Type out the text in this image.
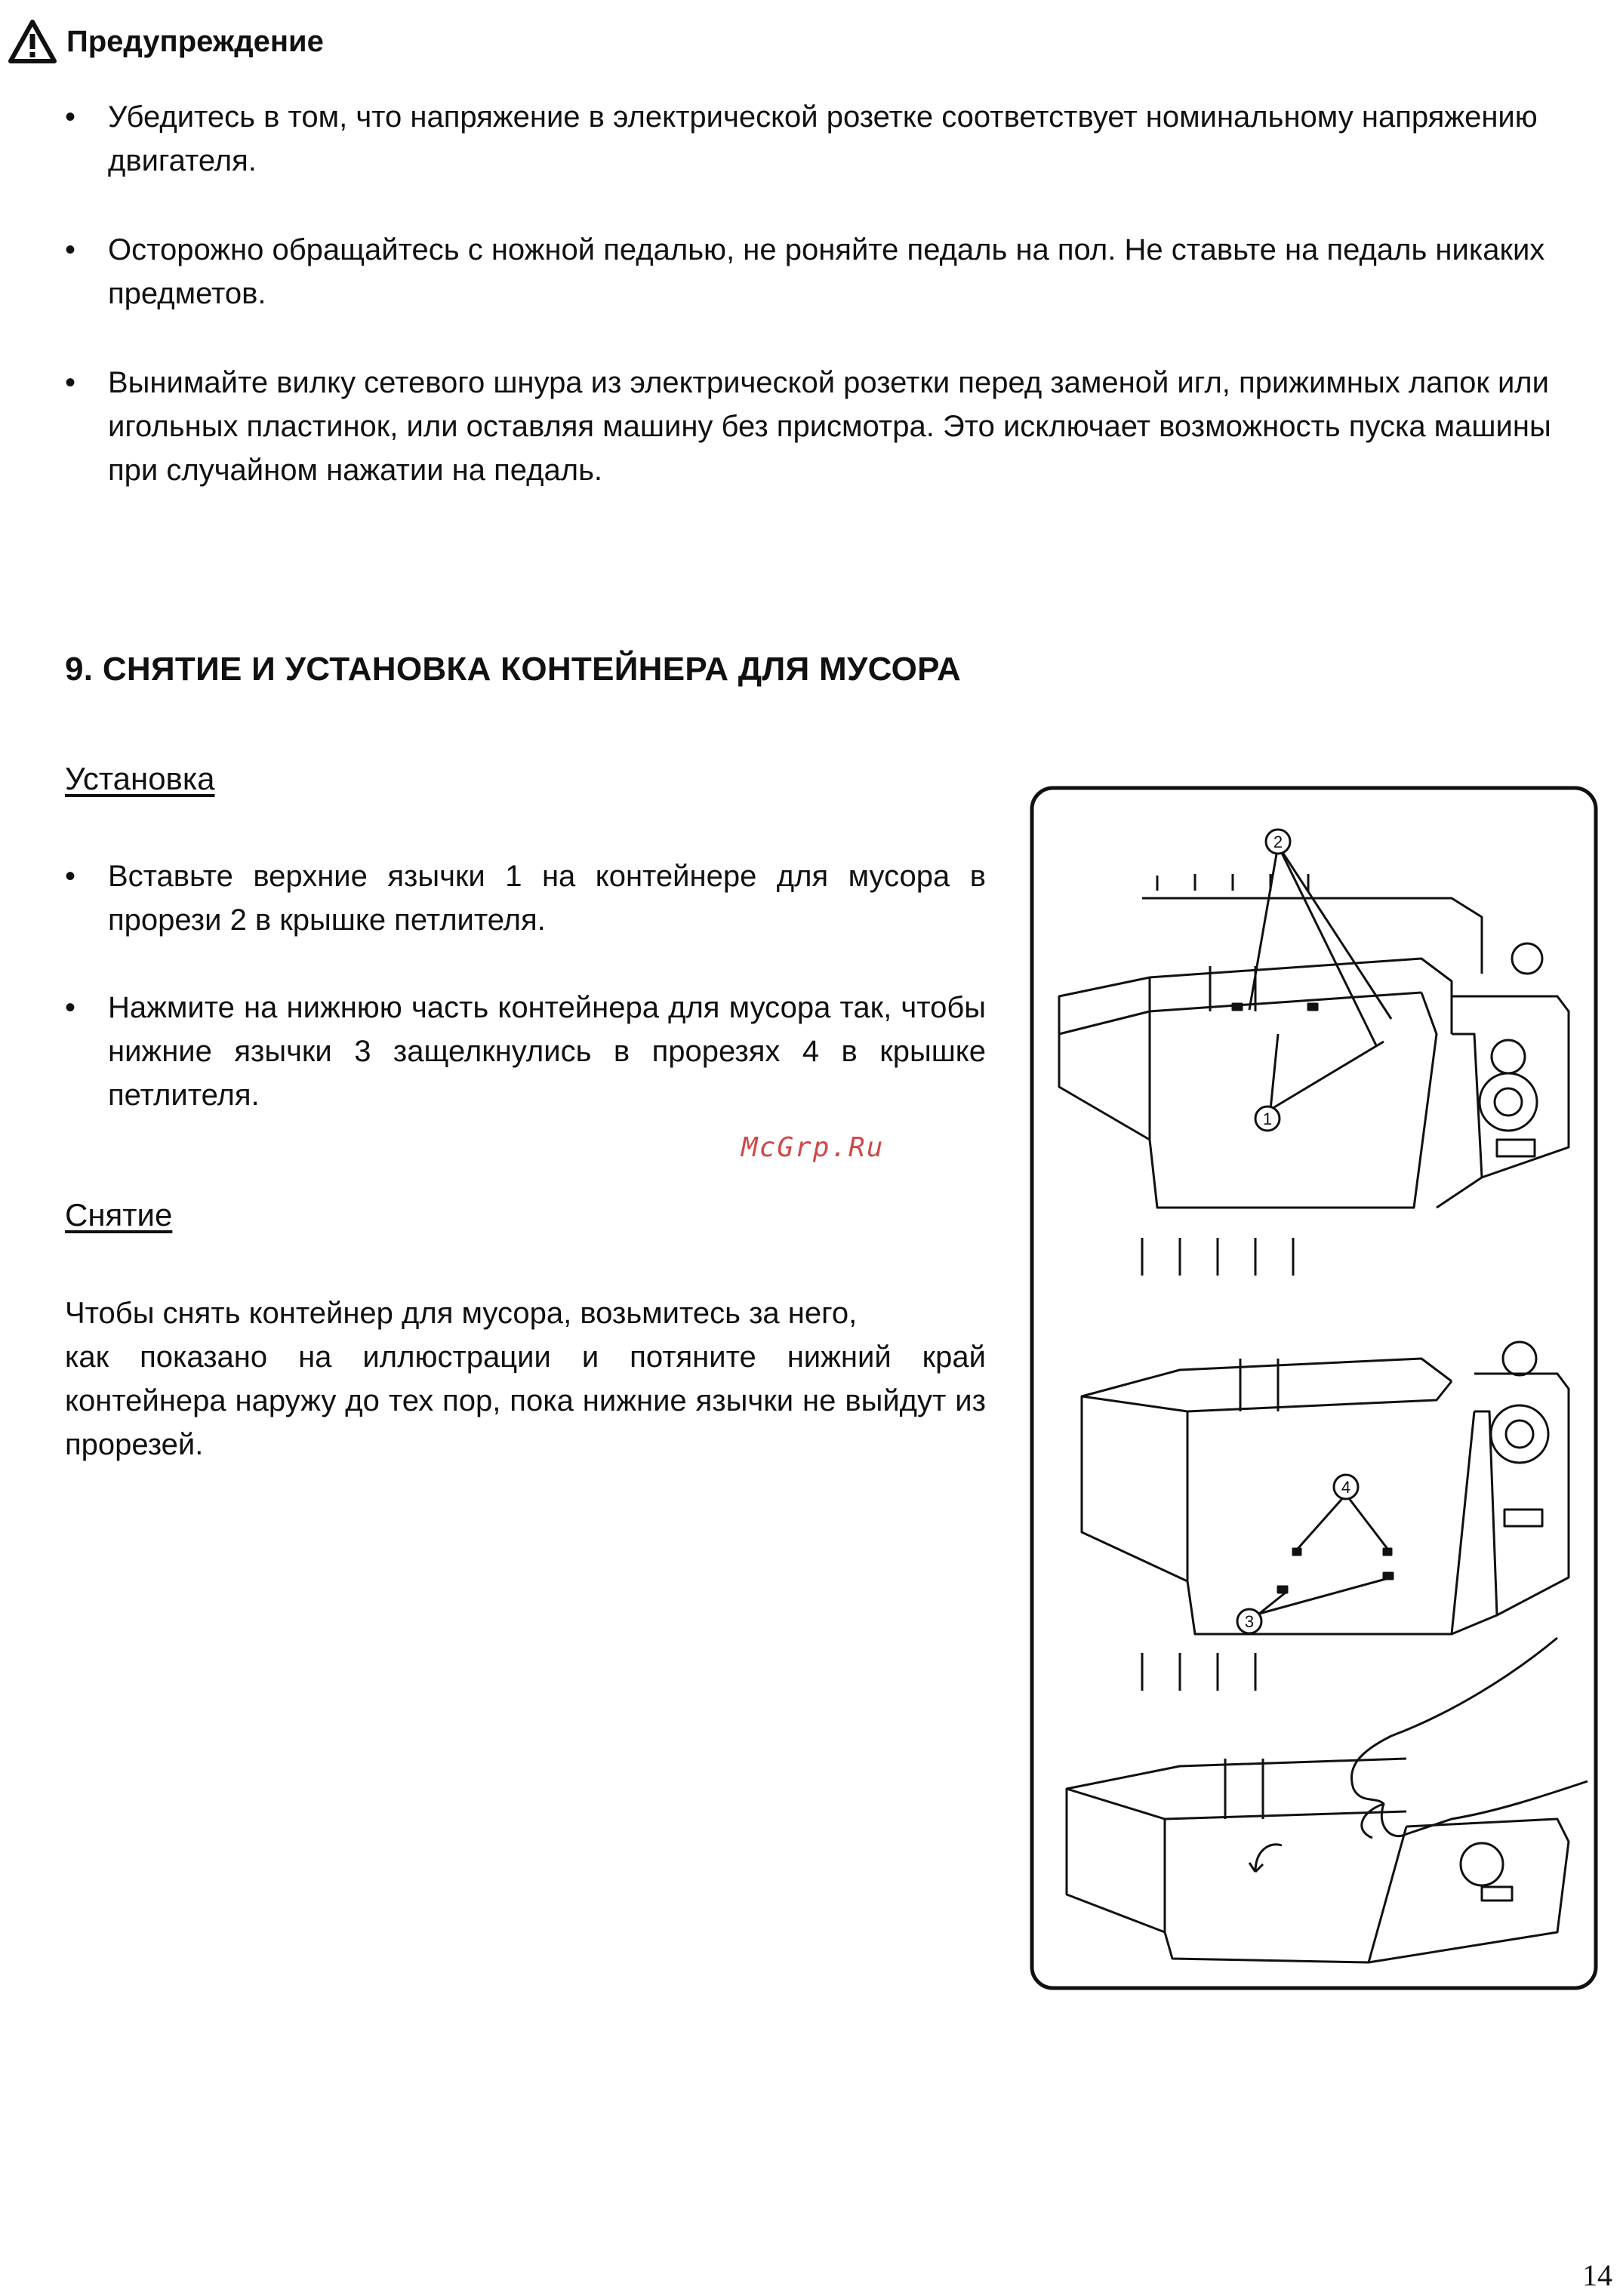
Предупреждение
• Убедитесь в том, что напряжение в электрической розетке соответствует номинальному напряжению двигателя.
• Осторожно обращайтесь с ножной педалью, не роняйте педаль на пол. Не ставьте на педаль никаких предметов.
• Вынимайте вилку сетевого шнура из электрической розетки перед заменой игл, прижимных лапок или игольных пластинок, или оставляя машину без присмотра. Это исключает возможность пуска машины при случайном нажатии на педаль.
9. СНЯТИЕ И УСТАНОВКА КОНТЕЙНЕРА ДЛЯ МУСОРА
Установка
• Вставьте верхние язычки 1 на контейнере для мусора в прорези 2 в крышке петлителя.
• Нажмите на нижнюю часть контейнера для мусора так, чтобы нижние язычки 3 защелкнулись в прорезях 4 в крышке петлителя.
McGrp.Ru
Снятие
Чтобы снять контейнер для мусора, возьмитесь за него,
как показано на иллюстрации и потяните нижний край контейнера наружу до тех пор, пока нижние язычки не выйдут из прорезей.
2
1
4
3
14
